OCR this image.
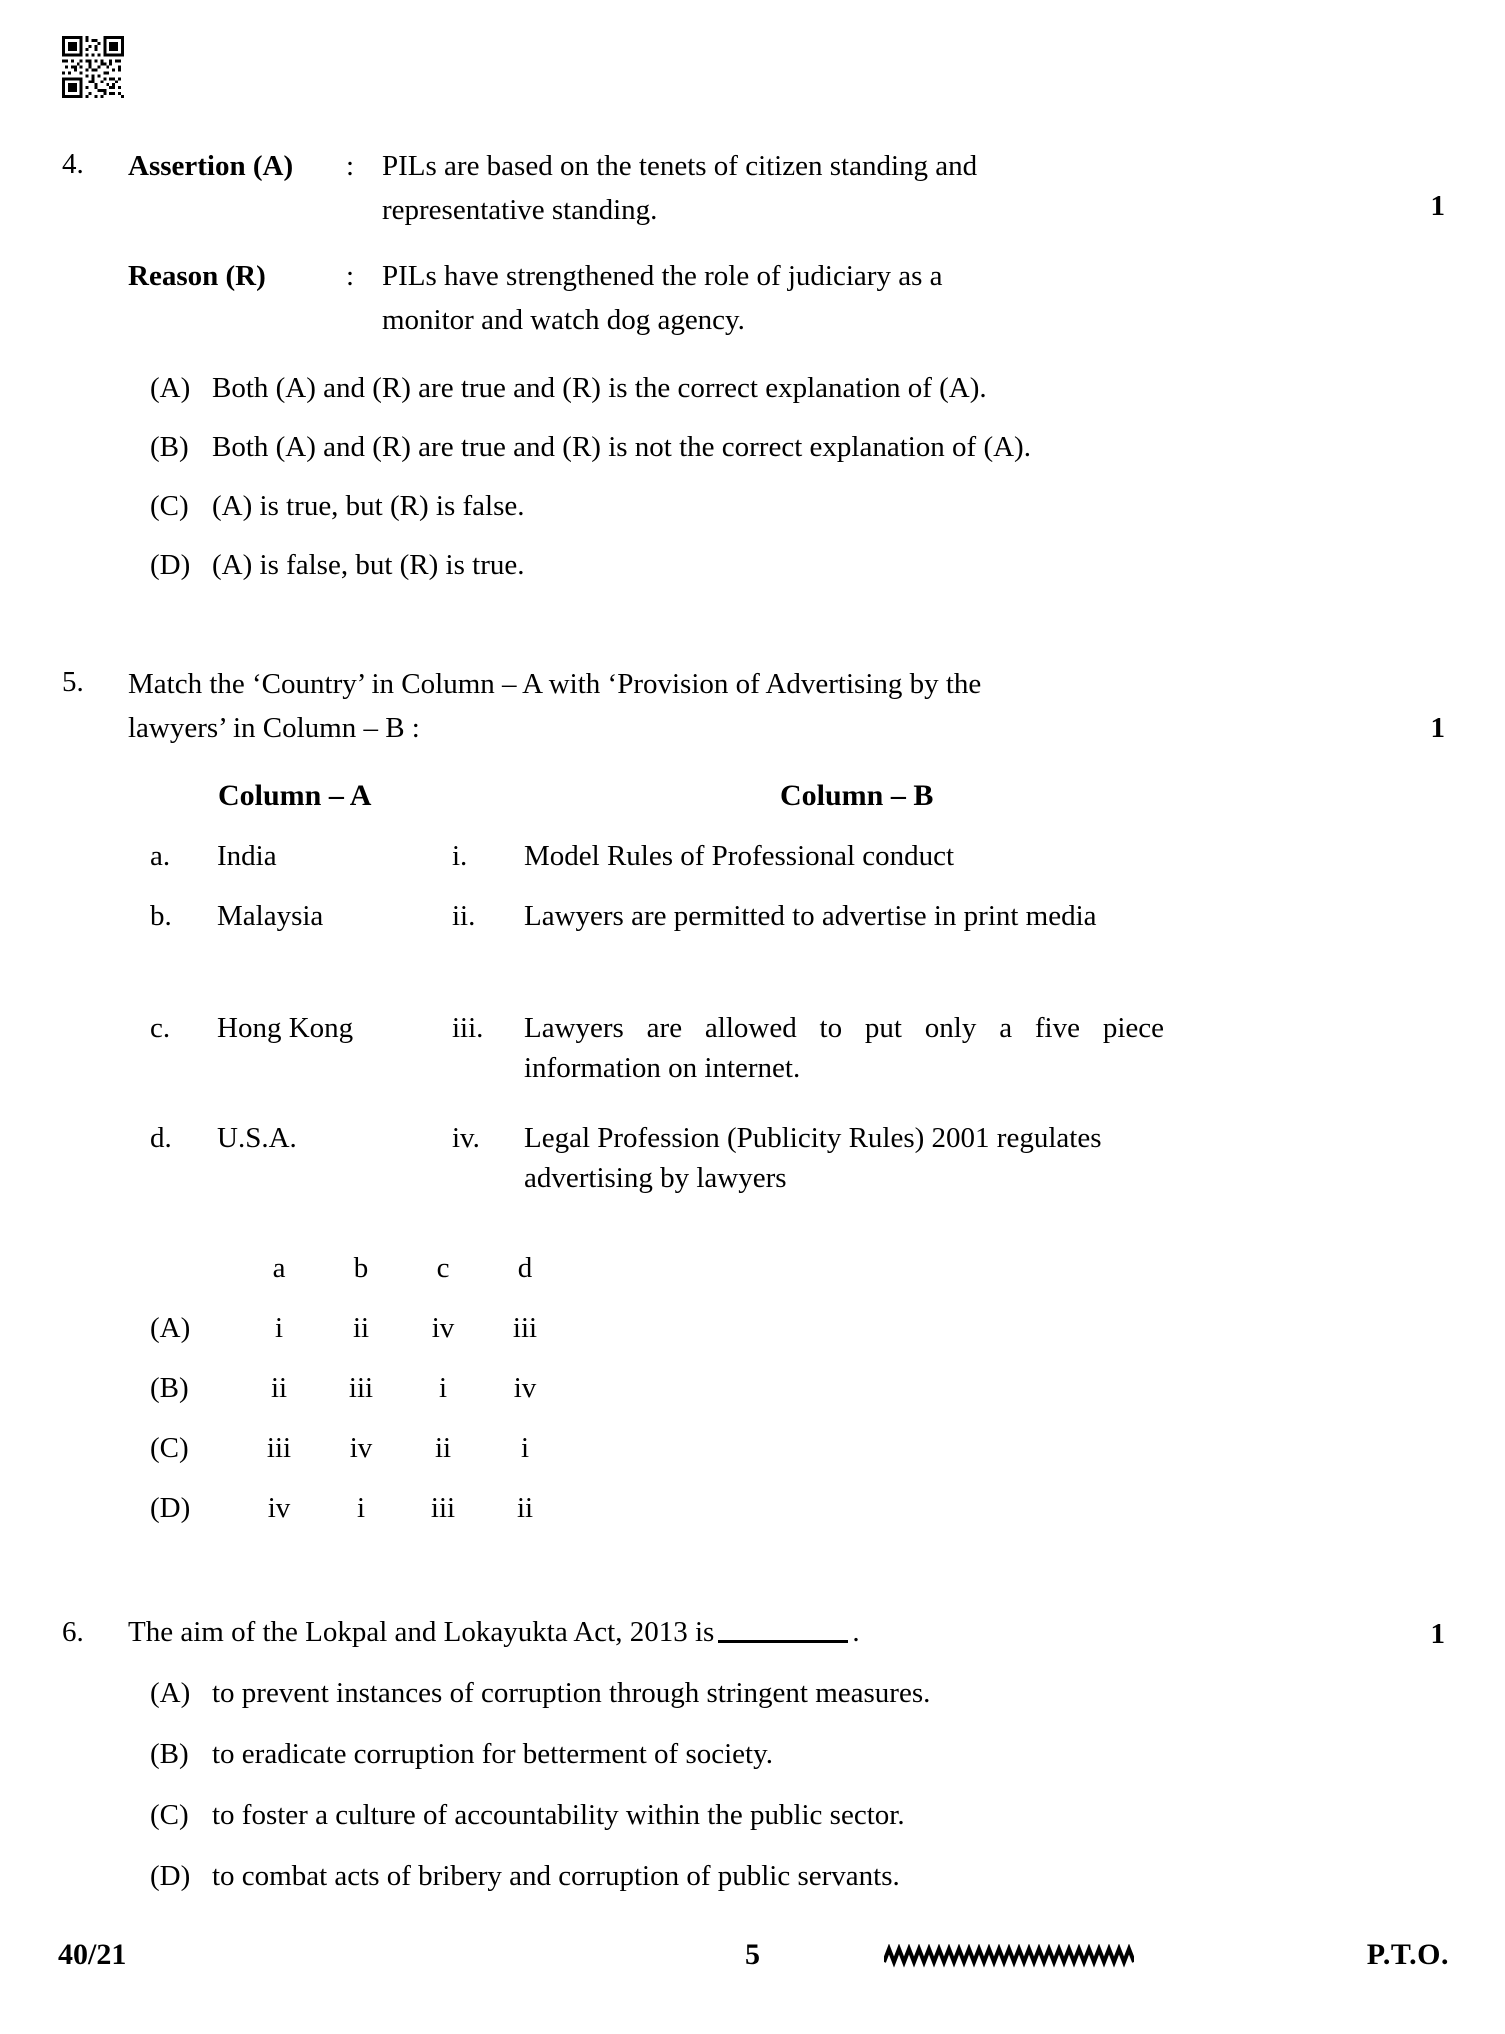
4.	Assertion (A)	: PILs are based on the tenets of citizen standing and
representative standing.	1
Reason (R)	: PILs have strengthened the role of judiciary as a
monitor and watch dog agency.
(A) Both (A) and (R) are true and (R) is the correct explanation of (A).
(B) Both (A) and (R) are true and (R) is not the correct explanation of (A).
(C) (A) is true, but (R) is false.
(D) (A) is false, but (R) is true.
5.	Match the ‘Country’ in Column – A with ‘Provision of Advertising by the
lawyers’ in Column – B :	1
Column – A	Column – B
a.	India	i.	Model Rules of Professional conduct
b.	Malaysia	ii.	Lawyers are permitted to advertise in print media
c.	Hong Kong	iii.	Lawyers are allowed to put only a five piece information on internet.
d.	U.S.A.	iv.	Legal Profession (Publicity Rules) 2001 regulates advertising by lawyers
	a	b	c	d
(A)	i	ii	iv	iii
(B)	ii	iii	i	iv
(C)	iii	iv	ii	i
(D)	iv	i	iii	ii
6.	The aim of the Lokpal and Lokayukta Act, 2013 is	.	1
(A) to prevent instances of corruption through stringent measures.
(B) to eradicate corruption for betterment of society.
(C) to foster a culture of accountability within the public sector.
(D) to combat acts of bribery and corruption of public servants.
40/21	5	P.T.O.
